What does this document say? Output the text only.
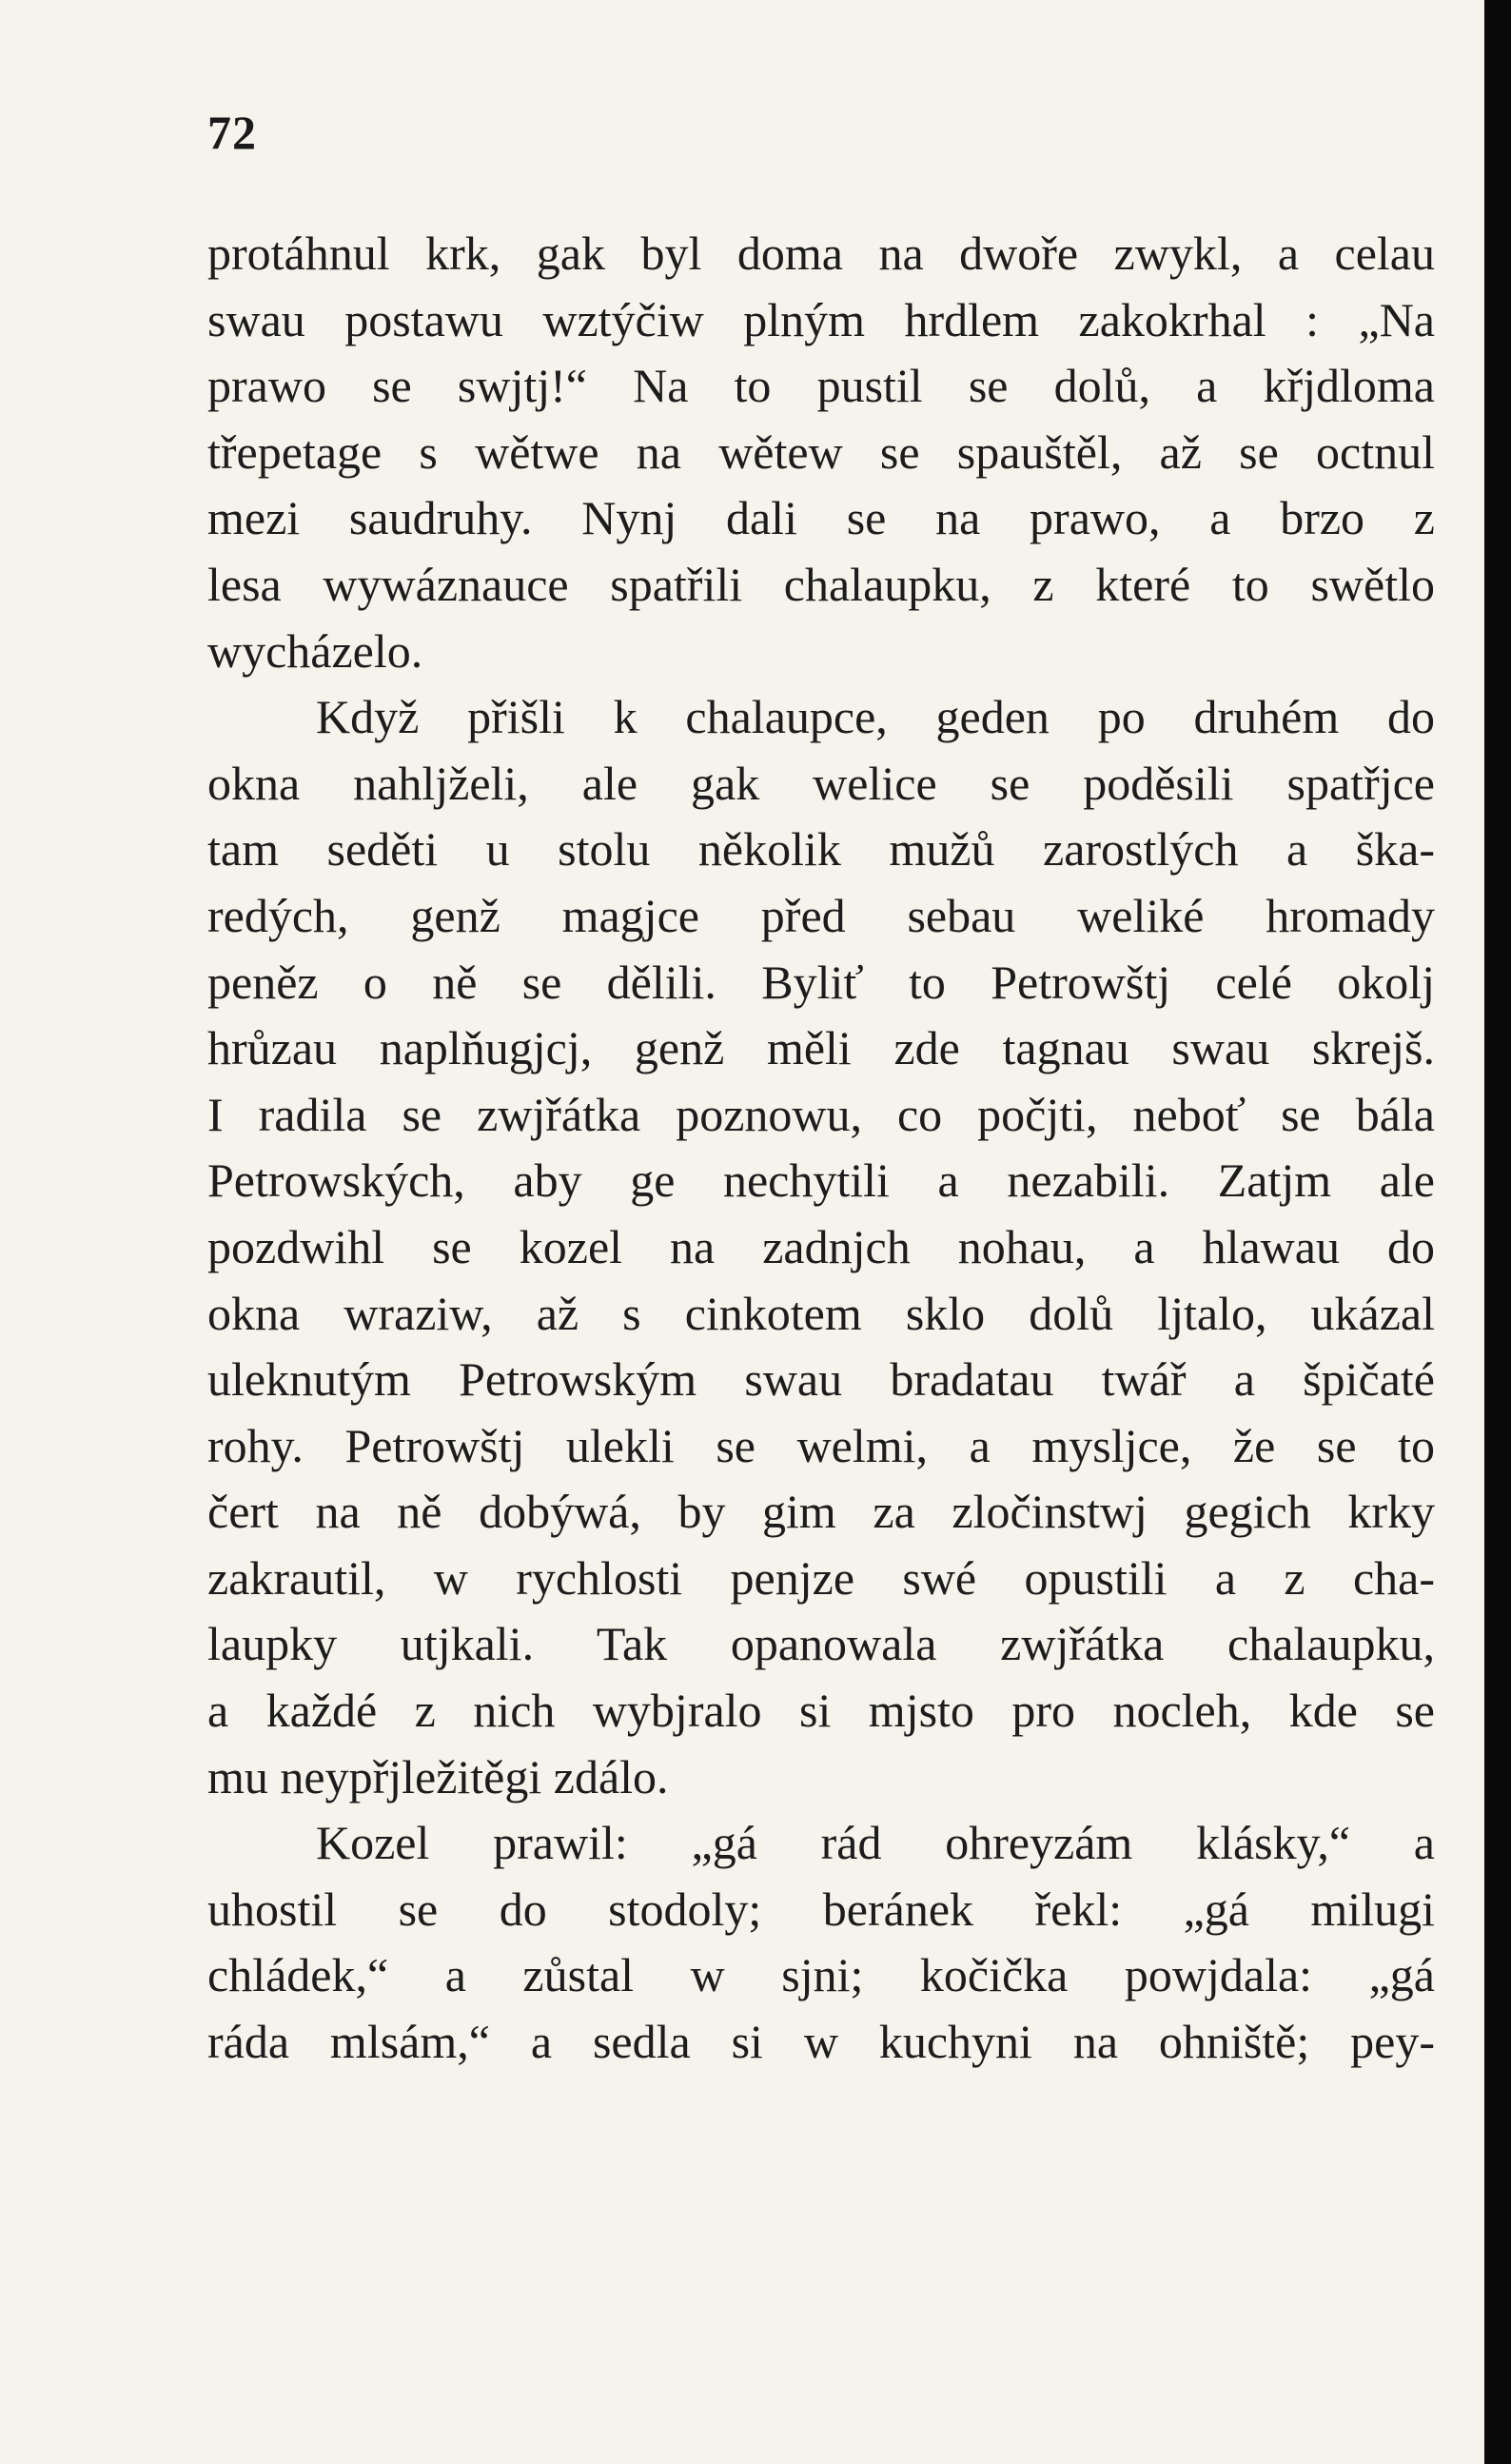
72
protáhnul krk, gak byl doma na dwoře zwykl, a celau
swau postawu wztýčiw plným hrdlem zakokrhal : „Na
prawo se swjtj!“ Na to pustil se dolů, a křjdloma
třepetage s wětwe na wětew se spauštěl, až se octnul
mezi saudruhy. Nynj dali se na prawo, a brzo z
lesa wywáznauce spatřili chalaupku, z které to swětlo
wycházelo.
Když přišli k chalaupce, geden po druhém do
okna nahljželi, ale gak welice se poděsili spatřjce
tam seděti u stolu několik mužů zarostlých a ška-
redých, genž magjce před sebau weliké hromady
peněz o ně se dělili. Byliť to Petrowštj celé okolj
hrůzau naplňugjcj, genž měli zde tagnau swau skrejš.
I radila se zwjřátka poznowu, co počjti, neboť se bála
Petrowských, aby ge nechytili a nezabili. Zatjm ale
pozdwihl se kozel na zadnjch nohau, a hlawau do
okna wraziw, až s cinkotem sklo dolů ljtalo, ukázal
uleknutým Petrowským swau bradatau twář a špičaté
rohy. Petrowštj ulekli se welmi, a myslјce, že se to
čert na ně dobýwá, by gim za zločinstwj gegich krky
zakrautil, w rychlosti penjze swé opustili a z cha-
laupky utjkali. Tak opanowala zwjřátka chalaupku,
a každé z nich wybjralo si mjsto pro nocleh, kde se
mu neypřjležitěgi zdálo.
Kozel prawil: „gá rád ohreyzám klásky,“ a
uhostil se do stodoly; beránek řekl: „gá milugi
chládek,“ a zůstal w sjni; kočička powjdala: „gá
ráda mlsám,“ a sedla si w kuchyni na ohniště; pey-
